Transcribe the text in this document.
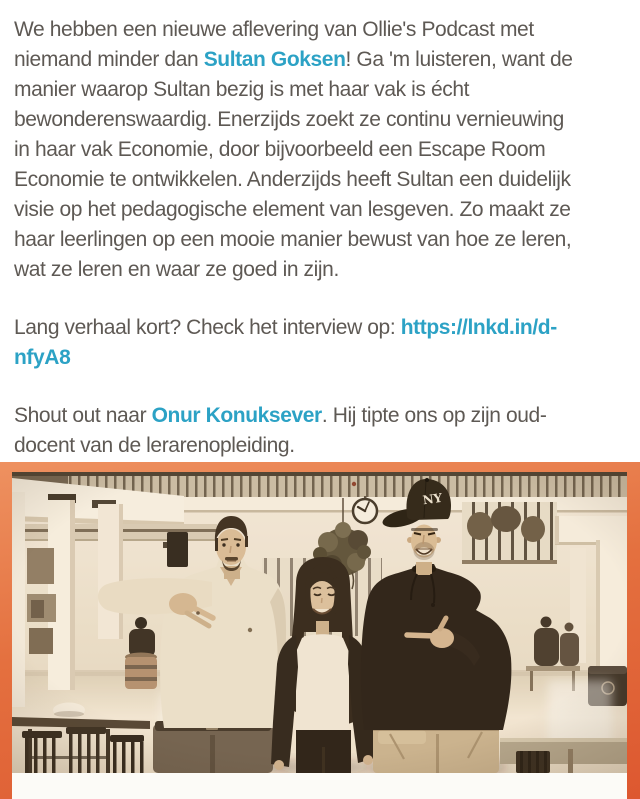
We hebben een nieuwe aflevering van Ollie's Podcast met
niemand minder dan Sultan Goksen! Ga 'm luisteren, want de
manier waarop Sultan bezig is met haar vak is écht
bewonderenswaardig. Enerzijds zoekt ze continu vernieuwing
in haar vak Economie, door bijvoorbeeld een Escape Room
Economie te ontwikkelen. Anderzijds heeft Sultan een duidelijk
visie op het pedagogische element van lesgeven. Zo maakt ze
haar leerlingen op een mooie manier bewust van hoe ze leren,
wat ze leren en waar ze goed in zijn.
Lang verhaal kort? Check het interview op: https://lnkd.in/d-
nfyA8
Shout out naar Onur Konuksever. Hij tipte ons op zijn oud-
docent van de lerarenopleiding.
